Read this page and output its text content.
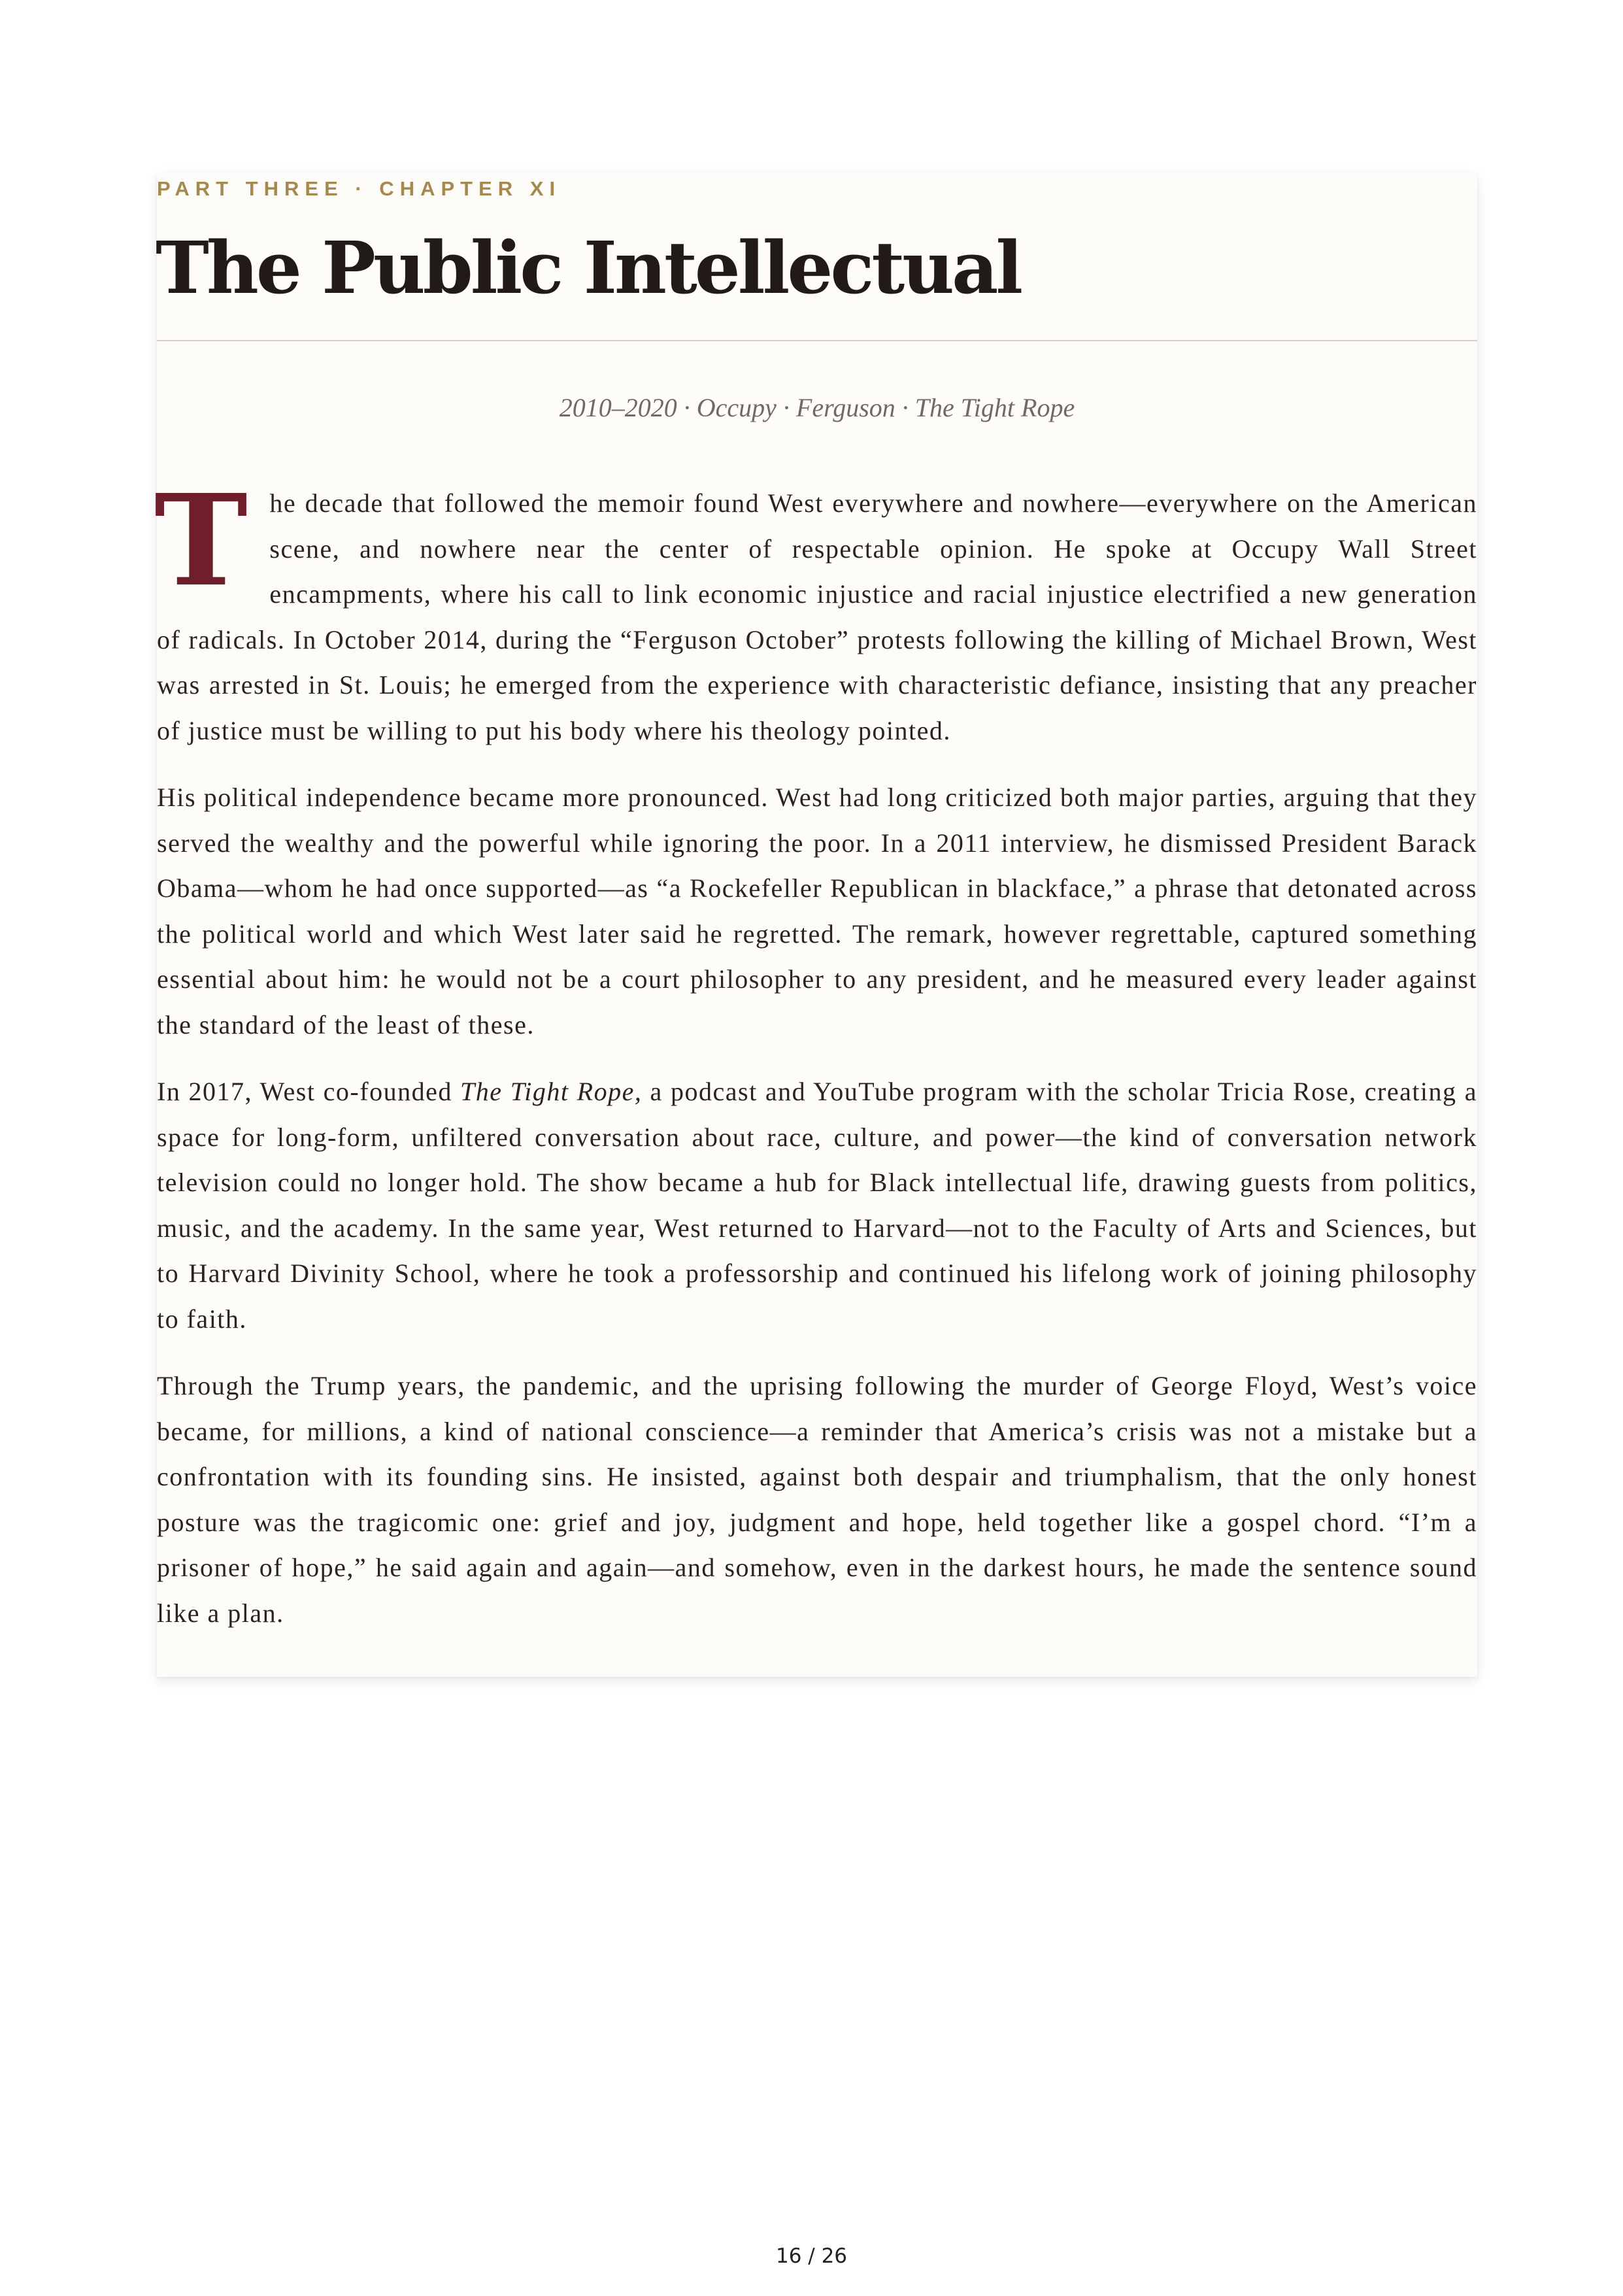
PART THREE · CHAPTER XI
The Public Intellectual
2010–2020 · Occupy · Ferguson · The Tight Rope

The decade that followed the memoir found West everywhere and nowhere—everywhere on the American scene, and nowhere near the center of respectable opinion. He spoke at Occupy Wall Street encampments, where his call to link economic injustice and racial injustice electrified a new generation of radicals. In October 2014, during the “Ferguson October” protests following the killing of Michael Brown, West was arrested in St. Louis; he emerged from the experience with characteristic defiance, insisting that any preacher of justice must be willing to put his body where his theology pointed.

His political independence became more pronounced. West had long criticized both major parties, arguing that they served the wealthy and the powerful while ignoring the poor. In a 2011 interview, he dismissed President Barack Obama—whom he had once supported—as “a Rockefeller Republican in blackface,” a phrase that detonated across the political world and which West later said he regretted. The remark, however regrettable, captured something essential about him: he would not be a court philosopher to any president, and he measured every leader against the standard of the least of these.

In 2017, West co-founded The Tight Rope, a podcast and YouTube program with the scholar Tricia Rose, creating a space for long-form, unfiltered conversation about race, culture, and power—the kind of conversation network television could no longer hold. The show became a hub for Black intellectual life, drawing guests from politics, music, and the academy. In the same year, West returned to Harvard—not to the Faculty of Arts and Sciences, but to Harvard Divinity School, where he took a professorship and continued his lifelong work of joining philosophy to faith.

Through the Trump years, the pandemic, and the uprising following the murder of George Floyd, West’s voice became, for millions, a kind of national conscience—a reminder that America’s crisis was not a mistake but a confrontation with its founding sins. He insisted, against both despair and triumphalism, that the only honest posture was the tragicomic one: grief and joy, judgment and hope, held together like a gospel chord. “I’m a prisoner of hope,” he said again and again—and somehow, even in the darkest hours, he made the sentence sound like a plan.

16 / 26
